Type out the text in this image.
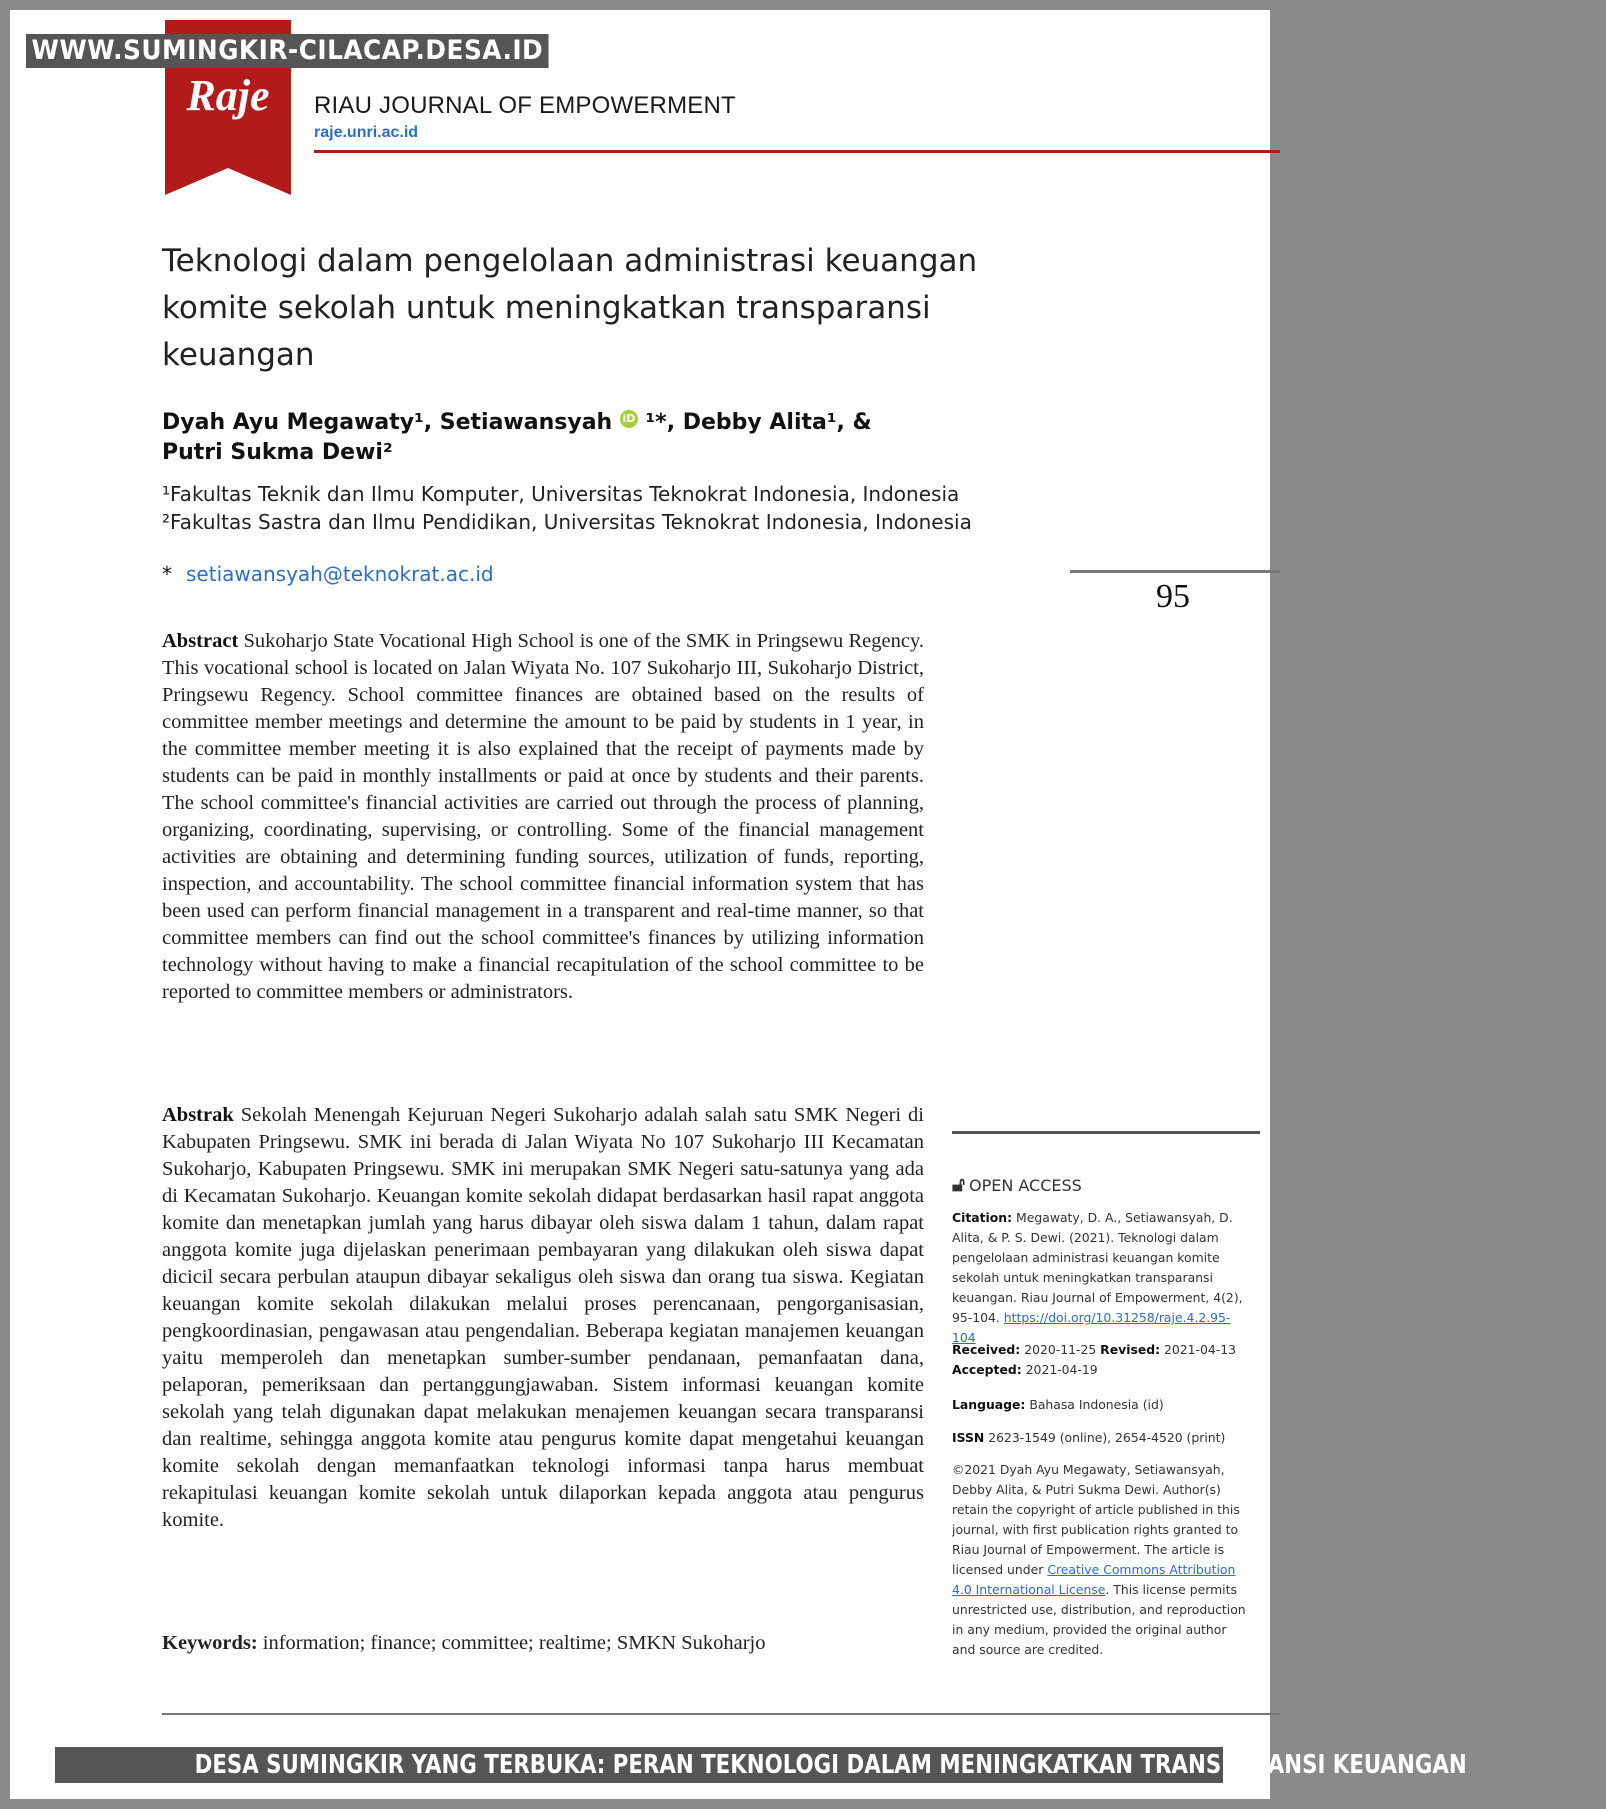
Raje RIAU JOURNAL OF EMPOWERMENT
raje.unri.ac.id
Teknologi dalam pengelolaan administrasi keuangan
komite sekolah untuk meningkatkan transparansi
keuangan
Dyah Ayu Megawaty¹, Setiawansyah iD ¹*, Debby Alita¹, &
Putri Sukma Dewi²
¹Fakultas Teknik dan Ilmu Komputer, Universitas Teknokrat Indonesia, Indonesia
²Fakultas Sastra dan Ilmu Pendidikan, Universitas Teknokrat Indonesia, Indonesia
* setiawansyah@teknokrat.ac.id
95
Abstract Sukoharjo State Vocational High School is one of the SMK in Pringsewu Regency. This vocational school is located on Jalan Wiyata No. 107 Sukoharjo III, Sukoharjo District, Pringsewu Regency. School committee finances are obtained based on the results of committee member meetings and determine the amount to be paid by students in 1 year, in the committee member meeting it is also explained that the receipt of payments made by students can be paid in monthly installments or paid at once by students and their parents. The school committee's financial activities are carried out through the process of planning, organizing, coordinating, supervising, or controlling. Some of the financial management activities are obtaining and determining funding sources, utilization of funds, reporting, inspection, and accountability. The school committee financial information system that has been used can perform financial management in a transparent and real-time manner, so that committee members can find out the school committee's finances by utilizing information technology without having to make a financial recapitulation of the school committee to be reported to committee members or administrators.
Abstrak Sekolah Menengah Kejuruan Negeri Sukoharjo adalah salah satu SMK Negeri di Kabupaten Pringsewu. SMK ini berada di Jalan Wiyata No 107 Sukoharjo III Kecamatan Sukoharjo, Kabupaten Pringsewu. SMK ini merupakan SMK Negeri satu-satunya yang ada di Kecamatan Sukoharjo. Keuangan komite sekolah didapat berdasarkan hasil rapat anggota komite dan menetapkan jumlah yang harus dibayar oleh siswa dalam 1 tahun, dalam rapat anggota komite juga dijelaskan penerimaan pembayaran yang dilakukan oleh siswa dapat dicicil secara perbulan ataupun dibayar sekaligus oleh siswa dan orang tua siswa. Kegiatan keuangan komite sekolah dilakukan melalui proses perencanaan, pengorganisasian, pengkoordinasian, pengawasan atau pengendalian. Beberapa kegiatan manajemen keuangan yaitu memperoleh dan menetapkan sumber-sumber pendanaan, pemanfaatan dana, pelaporan, pemeriksaan dan pertanggungjawaban. Sistem informasi keuangan komite sekolah yang telah digunakan dapat melakukan menajemen keuangan secara transparansi dan realtime, sehingga anggota komite atau pengurus komite dapat mengetahui keuangan komite sekolah dengan memanfaatkan teknologi informasi tanpa harus membuat rekapitulasi keuangan komite sekolah untuk dilaporkan kepada anggota atau pengurus komite.
Keywords: information; finance; committee; realtime; SMKN Sukoharjo
🔓︎ OPEN ACCESS
Citation: Megawaty, D. A., Setiawansyah, D. Alita, & P. S. Dewi. (2021). Teknologi dalam pengelolaan administrasi keuangan komite sekolah untuk meningkatkan transparansi keuangan. Riau Journal of Empowerment, 4(2), 95-104. https://doi.org/10.31258/raje.4.2.95-104
Received: 2020-11-25 Revised: 2021-04-13
Accepted: 2021-04-19
Language: Bahasa Indonesia (id)
ISSN 2623-1549 (online), 2654-4520 (print)
©2021 Dyah Ayu Megawaty, Setiawansyah, Debby Alita, & Putri Sukma Dewi. Author(s) retain the copyright of article published in this journal, with first publication rights granted to Riau Journal of Empowerment. The article is licensed under Creative Commons Attribution 4.0 International License. This license permits unrestricted use, distribution, and reproduction in any medium, provided the original author and source are credited.
WWW.SUMINGKIR-CILACAP.DESA.ID
DESA SUMINGKIR YANG TERBUKA: PERAN TEKNOLOGI DALAM MENINGKATKAN TRANSPARANSI KEUANGAN
